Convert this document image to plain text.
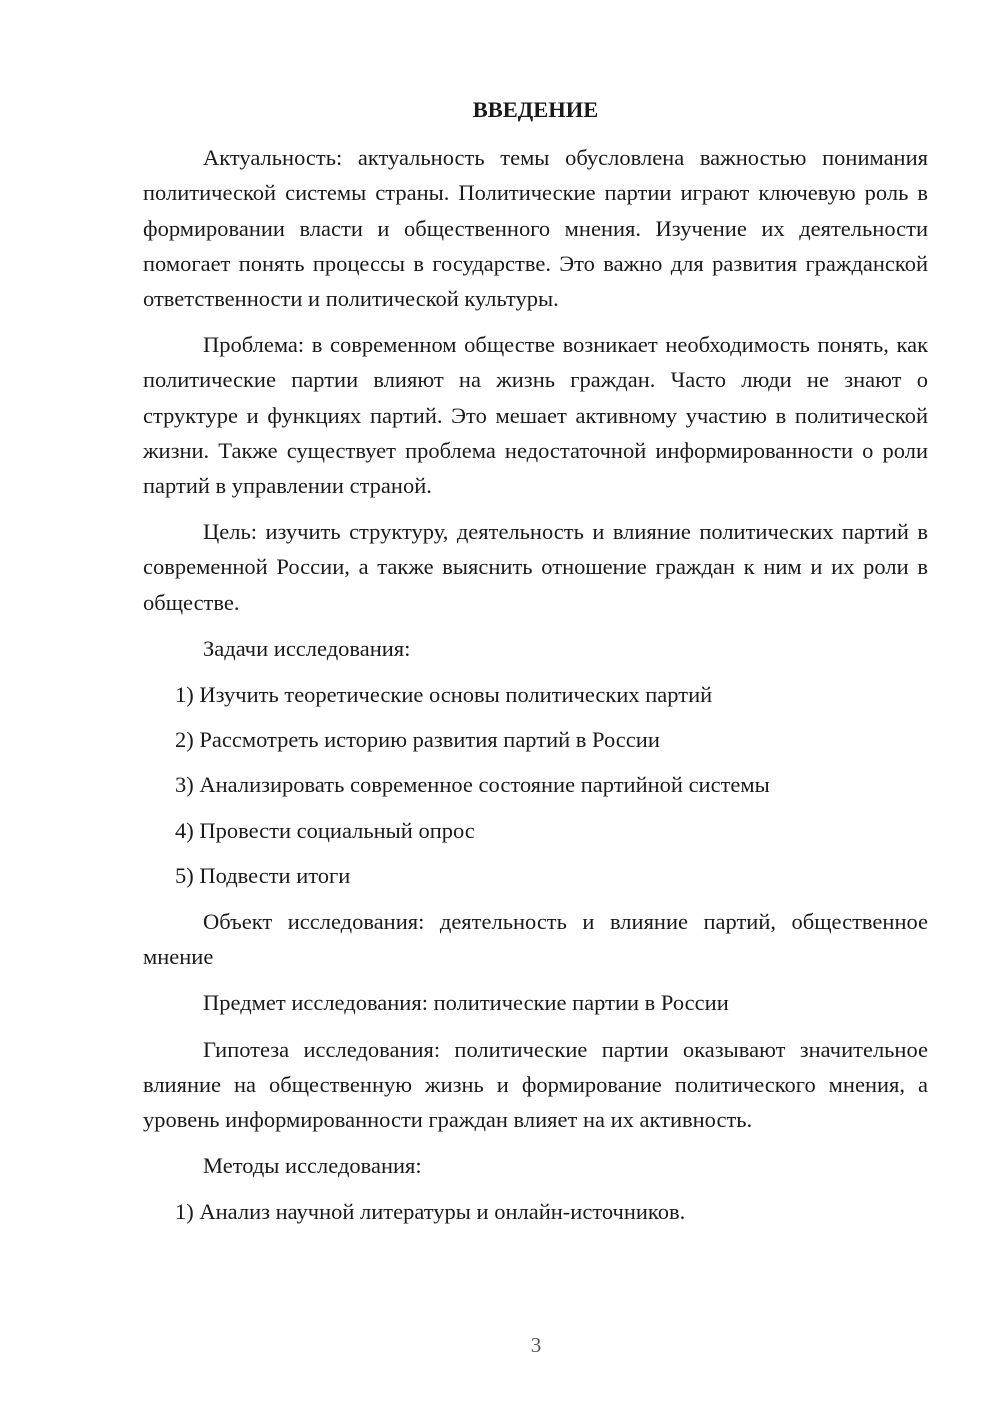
ВВЕДЕНИЕ

Актуальность: актуальность темы обусловлена важностью понимания политической системы страны. Политические партии играют ключевую роль в формировании власти и общественного мнения. Изучение их деятельности помогает понять процессы в государстве. Это важно для развития гражданской ответственности и политической культуры.

Проблема: в современном обществе возникает необходимость понять, как политические партии влияют на жизнь граждан. Часто люди не знают о структуре и функциях партий. Это мешает активному участию в политической жизни. Также существует проблема недостаточной информированности о роли партий в управлении страной.

Цель: изучить структуру, деятельность и влияние политических партий в современной России, а также выяснить отношение граждан к ним и их роли в обществе.

Задачи исследования:

1) Изучить теоретические основы политических партий
2) Рассмотреть историю развития партий в России
3) Анализировать современное состояние партийной системы
4) Провести социальный опрос
5) Подвести итоги

Объект исследования: деятельность и влияние партий, общественное мнение

Предмет исследования: политические партии в России

Гипотеза исследования: политические партии оказывают значительное влияние на общественную жизнь и формирование политического мнения, а уровень информированности граждан влияет на их активность.

Методы исследования:

1) Анализ научной литературы и онлайн-источников.
3
